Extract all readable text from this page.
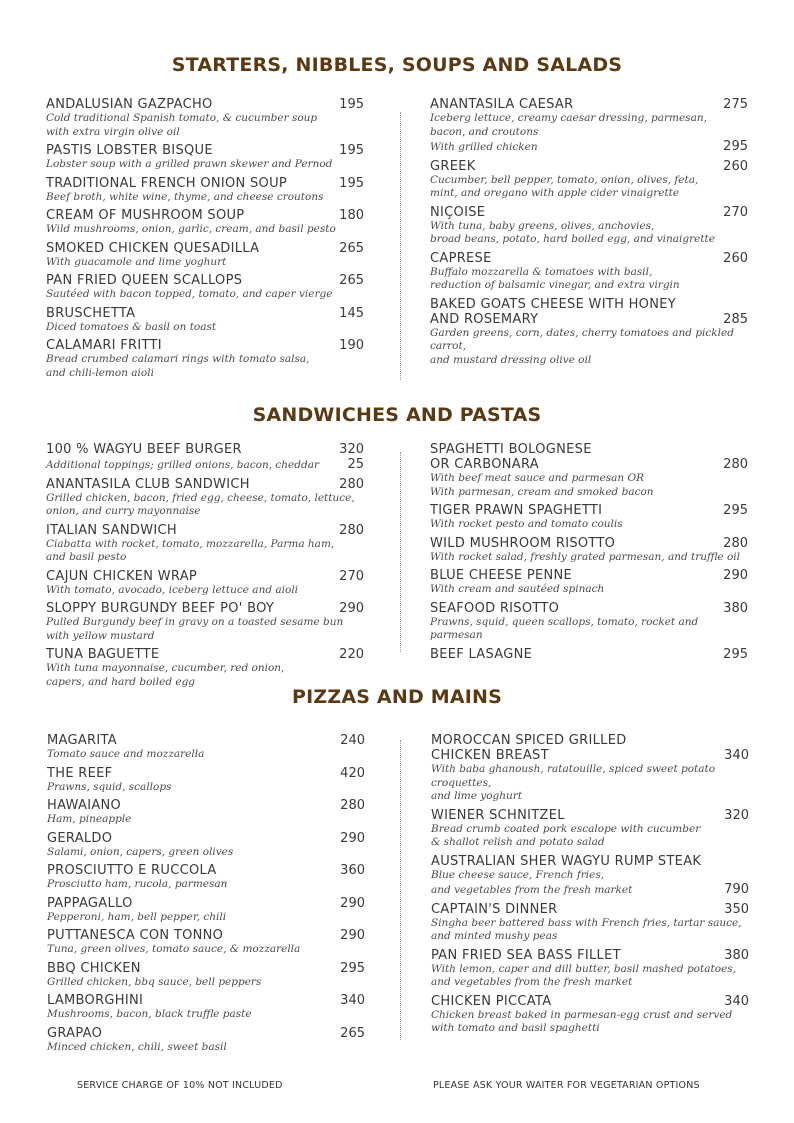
STARTERS, NIBBLES, SOUPS AND SALADS
ANDALUSIAN GAZPACHO	195
Cold traditional Spanish tomato, & cucumber soup
with extra virgin olive oil
PASTIS LOBSTER BISQUE	195
Lobster soup with a grilled prawn skewer and Pernod
TRADITIONAL FRENCH ONION SOUP	195
Beef broth, white wine, thyme, and cheese croutons
CREAM OF MUSHROOM SOUP	180
Wild mushrooms, onion, garlic, cream, and basil pesto
SMOKED CHICKEN QUESADILLA	265
With guacamole and lime yoghurt
PAN FRIED QUEEN SCALLOPS	265
Sautéed with bacon topped, tomato, and caper vierge
BRUSCHETTA	145
Diced tomatoes & basil on toast
CALAMARI FRITTI	190
Bread crumbed calamari rings with tomato salsa,
and chili-lemon aioli
ANANTASILA CAESAR	275
Iceberg lettuce, creamy caesar dressing, parmesan,
bacon, and croutons
With grilled chicken	295
GREEK	260
Cucumber, bell pepper, tomato, onion, olives, feta,
mint, and oregano with apple cider vinaigrette
NIÇOISE	270
With tuna, baby greens, olives, anchovies,
broad beans, potato, hard boiled egg, and vinaigrette
CAPRESE	260
Buffalo mozzarella & tomatoes with basil,
reduction of balsamic vinegar, and extra virgin
BAKED GOATS CHEESE WITH HONEY
AND ROSEMARY	285
Garden greens, corn, dates, cherry tomatoes and pickled carrot,
and mustard dressing olive oil
SANDWICHES AND PASTAS
100 % WAGYU BEEF BURGER	320
Additional toppings; grilled onions, bacon, cheddar 25
ANANTASILA CLUB SANDWICH	280
Grilled chicken, bacon, fried egg, cheese, tomato, lettuce,
onion, and curry mayonnaise
ITALIAN SANDWICH	280
Ciabatta with rocket, tomato, mozzarella, Parma ham,
and basil pesto
CAJUN CHICKEN WRAP	270
With tomato, avocado, iceberg lettuce and aioli
SLOPPY BURGUNDY BEEF PO' BOY	290
Pulled Burgundy beef in gravy on a toasted sesame bun
with yellow mustard
TUNA BAGUETTE	220
With tuna mayonnaise, cucumber, red onion,
capers, and hard boiled egg
SPAGHETTI BOLOGNESE
OR CARBONARA	280
With beef meat sauce and parmesan OR
With parmesan, cream and smoked bacon
TIGER PRAWN SPAGHETTI	295
With rocket pesto and tomato coulis
WILD MUSHROOM RISOTTO	280
With rocket salad, freshly grated parmesan, and truffle oil
BLUE CHEESE PENNE	290
With cream and sautéed spinach
SEAFOOD RISOTTO	380
Prawns, squid, queen scallops, tomato, rocket and parmesan
BEEF LASAGNE	295
PIZZAS AND MAINS
MAGARITA	240
Tomato sauce and mozzarella
THE REEF	420
Prawns, squid, scallops
HAWAIANO	280
Ham, pineapple
GERALDO	290
Salami, onion, capers, green olives
PROSCIUTTO E RUCCOLA	360
Prosciutto ham, rucola, parmesan
PAPPAGALLO	290
Pepperoni, ham, bell pepper, chili
PUTTANESCA CON TONNO	290
Tuna, green olives, tomato sauce, & mozzarella
BBQ CHICKEN	295
Grilled chicken, bbq sauce, bell peppers
LAMBORGHINI	340
Mushrooms, bacon, black truffle paste
GRAPAO	265
Minced chicken, chili, sweet basil
MOROCCAN SPICED GRILLED
CHICKEN BREAST	340
With baba ghanoush, ratatouille, spiced sweet potato croquettes,
and lime yoghurt
WIENER SCHNITZEL	320
Bread crumb coated pork escalope with cucumber
& shallot relish and potato salad
AUSTRALIAN SHER WAGYU RUMP STEAK
Blue cheese sauce, French fries,
and vegetables from the fresh market	790
CAPTAIN'S DINNER	350
Singha beer battered bass with French fries, tartar sauce,
and minted mushy peas
PAN FRIED SEA BASS FILLET	380
With lemon, caper and dill butter, basil mashed potatoes,
and vegetables from the fresh market
CHICKEN PICCATA	340
Chicken breast baked in parmesan-egg crust and served
with tomato and basil spaghetti
SERVICE CHARGE OF 10% NOT INCLUDED	PLEASE ASK YOUR WAITER FOR VEGETARIAN OPTIONS
